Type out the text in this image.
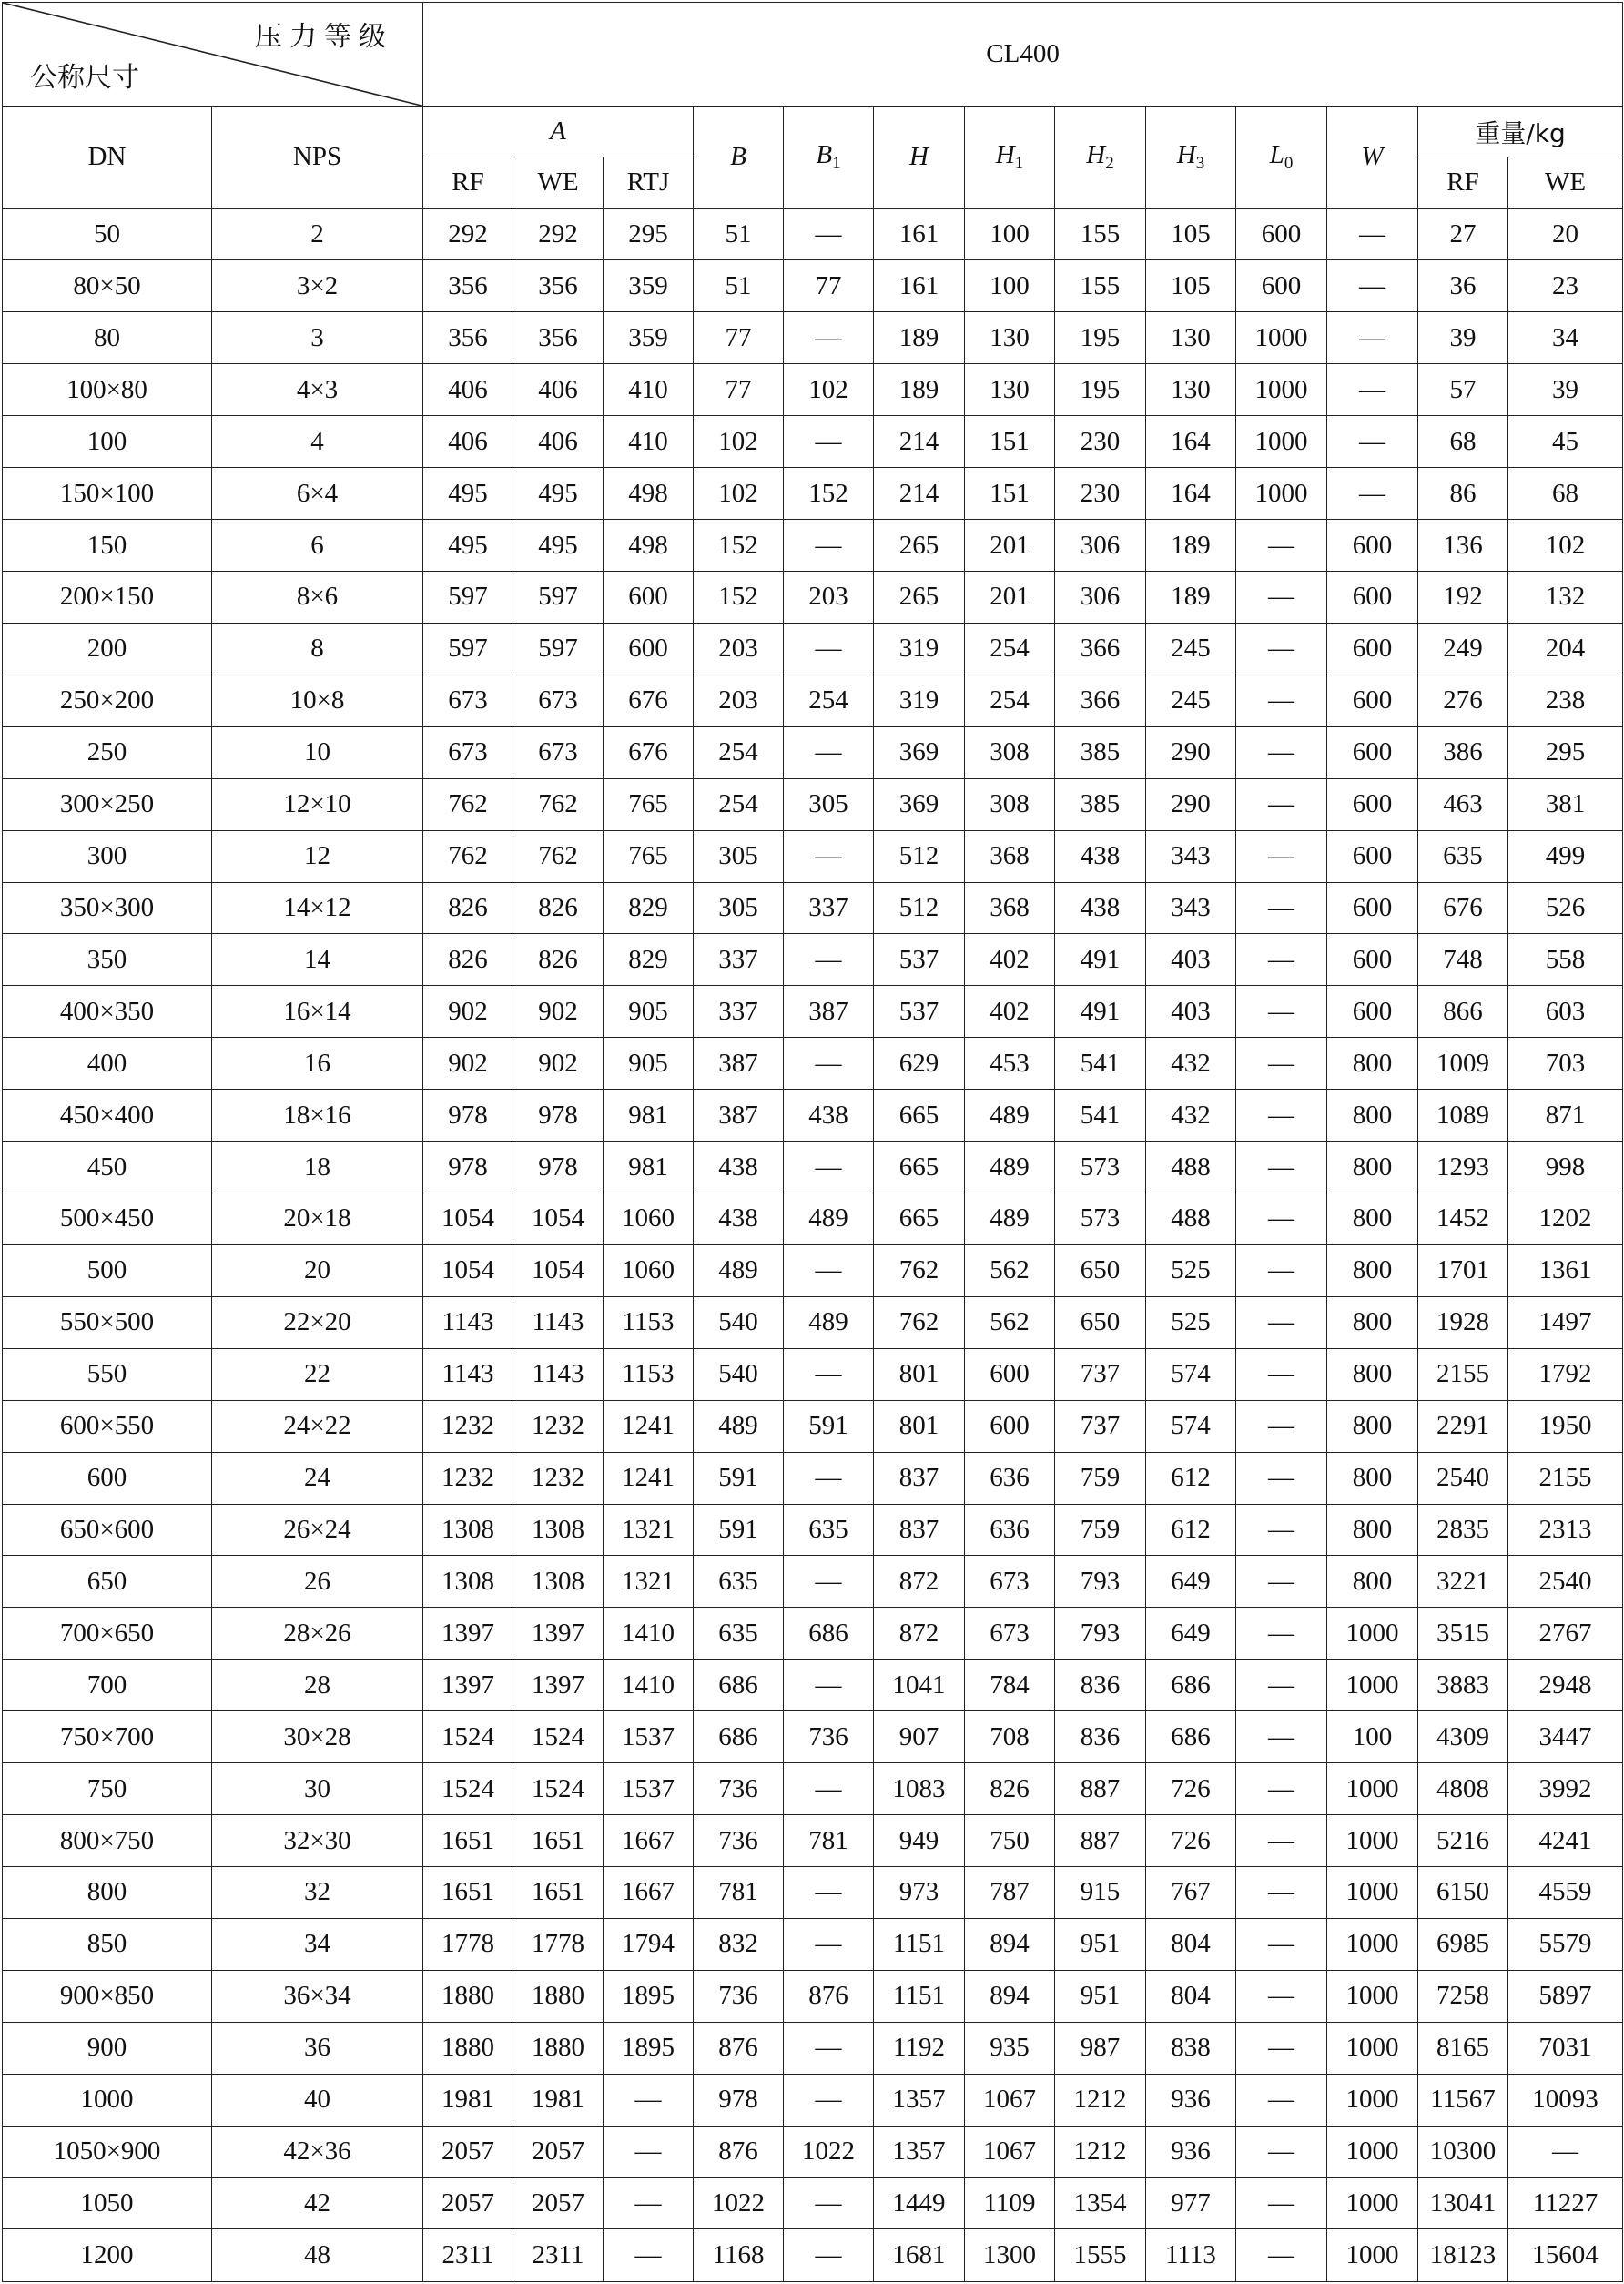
压力等级
公称尺寸		CL400												
DN	NPS	A			B	$B_1$	H	$H_1$	$H_2$	$H_3$	$L_0$	W	重量/kg	
		RF	WE	RTJ									RF	WE
50	2	292	292	295	51	—	161	100	155	105	600	—	27	20
80×50	3×2	356	356	359	51	77	161	100	155	105	600	—	36	23
80	3	356	356	359	77	—	189	130	195	130	1000	—	39	34
100×80	4×3	406	406	410	77	102	189	130	195	130	1000	—	57	39
100	4	406	406	410	102	—	214	151	230	164	1000	—	68	45
150×100	6×4	495	495	498	102	152	214	151	230	164	1000	—	86	68
150	6	495	495	498	152	—	265	201	306	189	—	600	136	102
200×150	8×6	597	597	600	152	203	265	201	306	189	—	600	192	132
200	8	597	597	600	203	—	319	254	366	245	—	600	249	204
250×200	10×8	673	673	676	203	254	319	254	366	245	—	600	276	238
250	10	673	673	676	254	—	369	308	385	290	—	600	386	295
300×250	12×10	762	762	765	254	305	369	308	385	290	—	600	463	381
300	12	762	762	765	305	—	512	368	438	343	—	600	635	499
350×300	14×12	826	826	829	305	337	512	368	438	343	—	600	676	526
350	14	826	826	829	337	—	537	402	491	403	—	600	748	558
400×350	16×14	902	902	905	337	387	537	402	491	403	—	600	866	603
400	16	902	902	905	387	—	629	453	541	432	—	800	1009	703
450×400	18×16	978	978	981	387	438	665	489	541	432	—	800	1089	871
450	18	978	978	981	438	—	665	489	573	488	—	800	1293	998
500×450	20×18	1054	1054	1060	438	489	665	489	573	488	—	800	1452	1202
500	20	1054	1054	1060	489	—	762	562	650	525	—	800	1701	1361
550×500	22×20	1143	1143	1153	540	489	762	562	650	525	—	800	1928	1497
550	22	1143	1143	1153	540	—	801	600	737	574	—	800	2155	1792
600×550	24×22	1232	1232	1241	489	591	801	600	737	574	—	800	2291	1950
600	24	1232	1232	1241	591	—	837	636	759	612	—	800	2540	2155
650×600	26×24	1308	1308	1321	591	635	837	636	759	612	—	800	2835	2313
650	26	1308	1308	1321	635	—	872	673	793	649	—	800	3221	2540
700×650	28×26	1397	1397	1410	635	686	872	673	793	649	—	1000	3515	2767
700	28	1397	1397	1410	686	—	1041	784	836	686	—	1000	3883	2948
750×700	30×28	1524	1524	1537	686	736	907	708	836	686	—	100	4309	3447
750	30	1524	1524	1537	736	—	1083	826	887	726	—	1000	4808	3992
800×750	32×30	1651	1651	1667	736	781	949	750	887	726	—	1000	5216	4241
800	32	1651	1651	1667	781	—	973	787	915	767	—	1000	6150	4559
850	34	1778	1778	1794	832	—	1151	894	951	804	—	1000	6985	5579
900×850	36×34	1880	1880	1895	736	876	1151	894	951	804	—	1000	7258	5897
900	36	1880	1880	1895	876	—	1192	935	987	838	—	1000	8165	7031
1000	40	1981	1981	—	978	—	1357	1067	1212	936	—	1000	11567	10093
1050×900	42×36	2057	2057	—	876	1022	1357	1067	1212	936	—	1000	10300	—
1050	42	2057	2057	—	1022	—	1449	1109	1354	977	—	1000	13041	11227
1200	48	2311	2311	—	1168	—	1681	1300	1555	1113	—	1000	18123	15604
